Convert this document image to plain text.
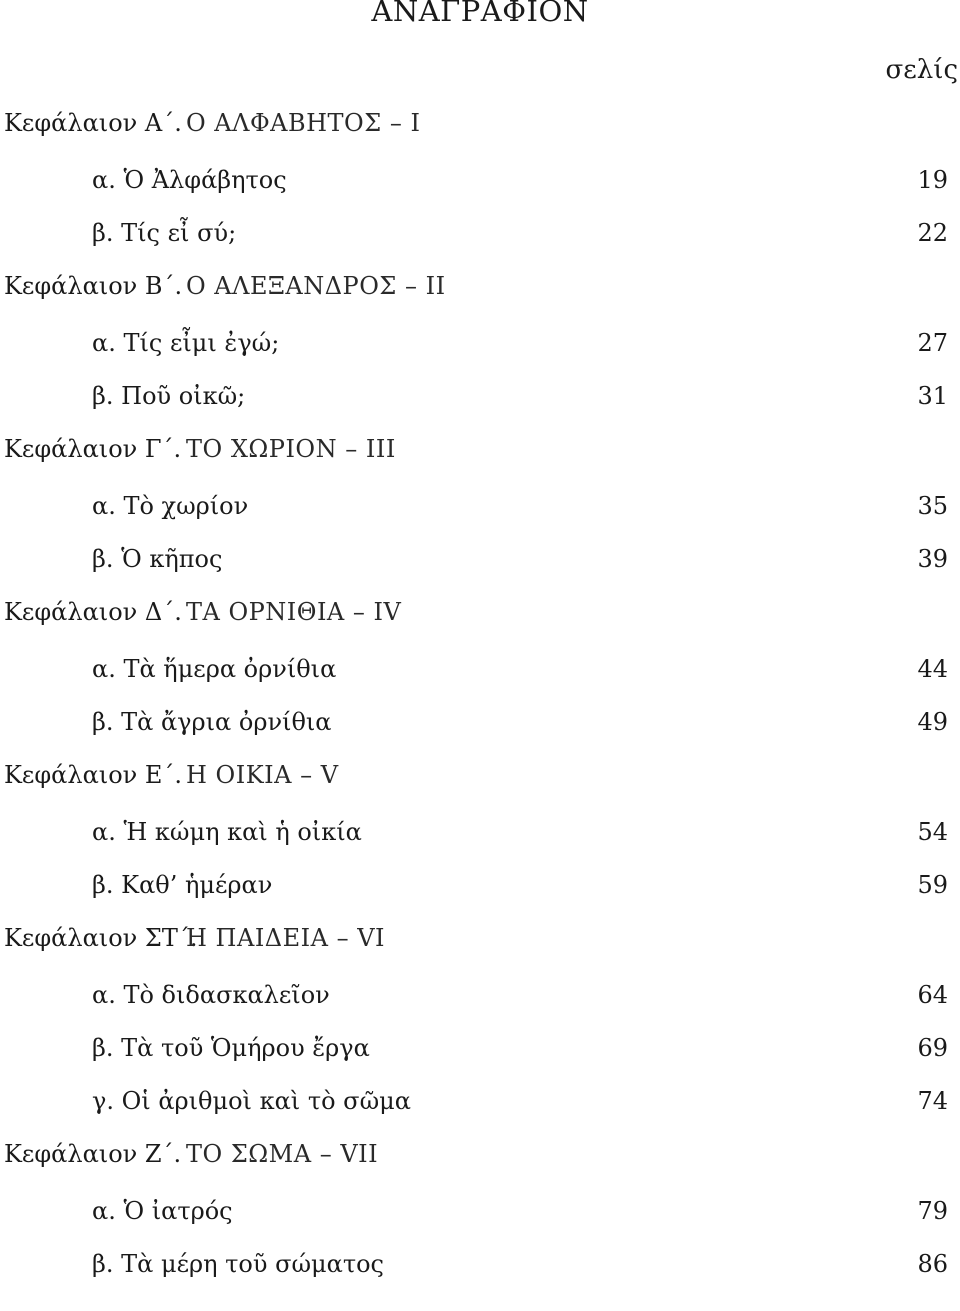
ΑΝΑΓΡΑΦΙΟΝ
σελίς
Κεφάλαιον Α΄. Ο ΑΛΦΑΒΗΤΟΣ – I
α. Ὁ Ἀλφάβητος	19
β. Τίς εἶ σύ;	22
Κεφάλαιον Β΄. Ο ΑΛΕΞΑΝΔΡΟΣ – II
α. Τίς εἶμι ἐγώ;	27
β. Ποῦ οἰκῶ;	31
Κεφάλαιον Γ΄. ΤΟ ΧΩΡΙΟΝ – III
α. Τὸ χωρίον	35
β. Ὁ κῆπος	39
Κεφάλαιον Δ΄. ΤΑ ΟΡΝΙΘΙΑ – IV
α. Τὰ ἥμερα ὀρνίθια	44
β. Τὰ ἄγρια ὀρνίθια	49
Κεφάλαιον Ε΄. Η ΟΙΚΙΑ – V
α. Ἡ κώμη καὶ ἡ οἰκία	54
β. Καθ’ ἡμέραν	59
Κεφάλαιον ΣΤ΄.
Η ΠΑΙΔΕΙΑ – VI
α. Τὸ διδασκαλεῖον	64
β. Τὰ τοῦ Ὁμήρου ἔργα	69
γ. Οἱ ἀριθμοὶ καὶ τὸ σῶμα	74
Κεφάλαιον Ζ΄. ΤΟ ΣΩΜΑ – VII
α. Ὁ ἰατρός	79
β. Τὰ μέρη τοῦ σώματος	86
